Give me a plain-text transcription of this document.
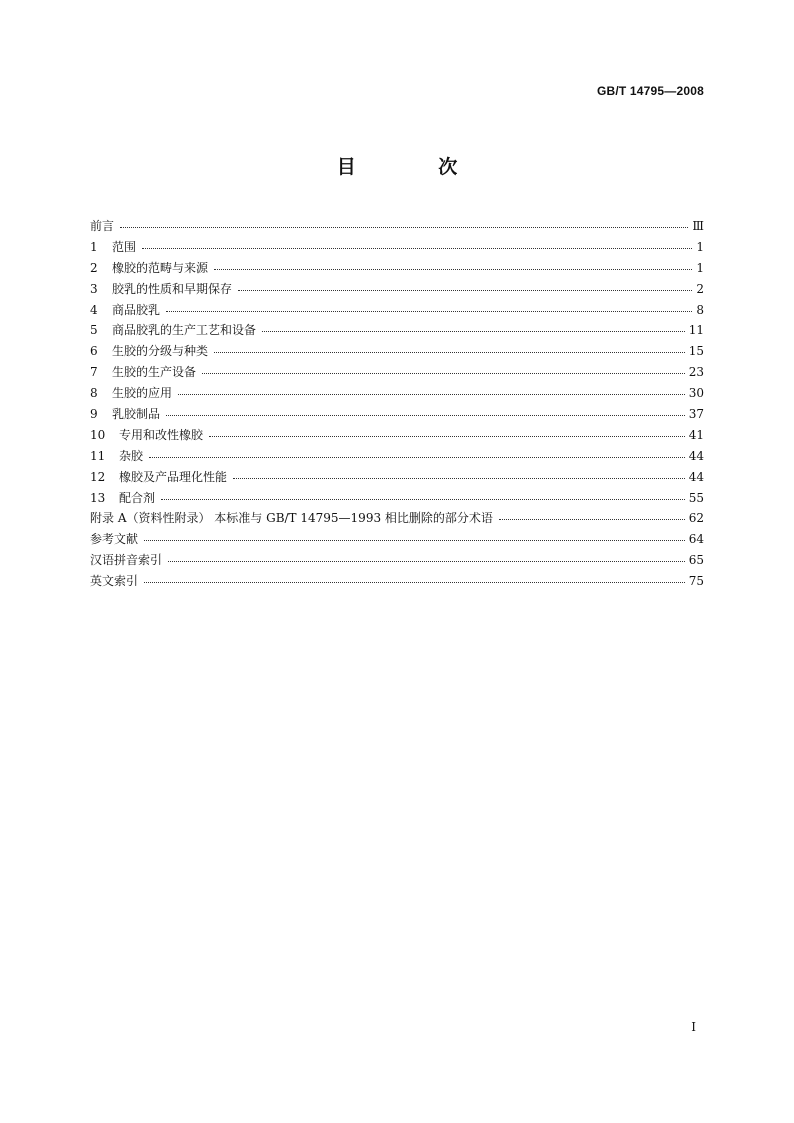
GB/T 14795—2008
目 次
前言	Ⅲ
1	范围	1
2	橡胶的范畴与来源	1
3	胶乳的性质和早期保存	2
4	商品胶乳	8
5	商品胶乳的生产工艺和设备	11
6	生胶的分级与种类	15
7	生胶的生产设备	23
8	生胶的应用	30
9	乳胶制品	37
10	专用和改性橡胶	41
11	杂胶	44
12	橡胶及产品理化性能	44
13	配合剂	55
附录 A（资料性附录） 本标准与 GB/T 14795—1993 相比删除的部分术语	62
参考文献	64
汉语拼音索引	65
英文索引	75
I
